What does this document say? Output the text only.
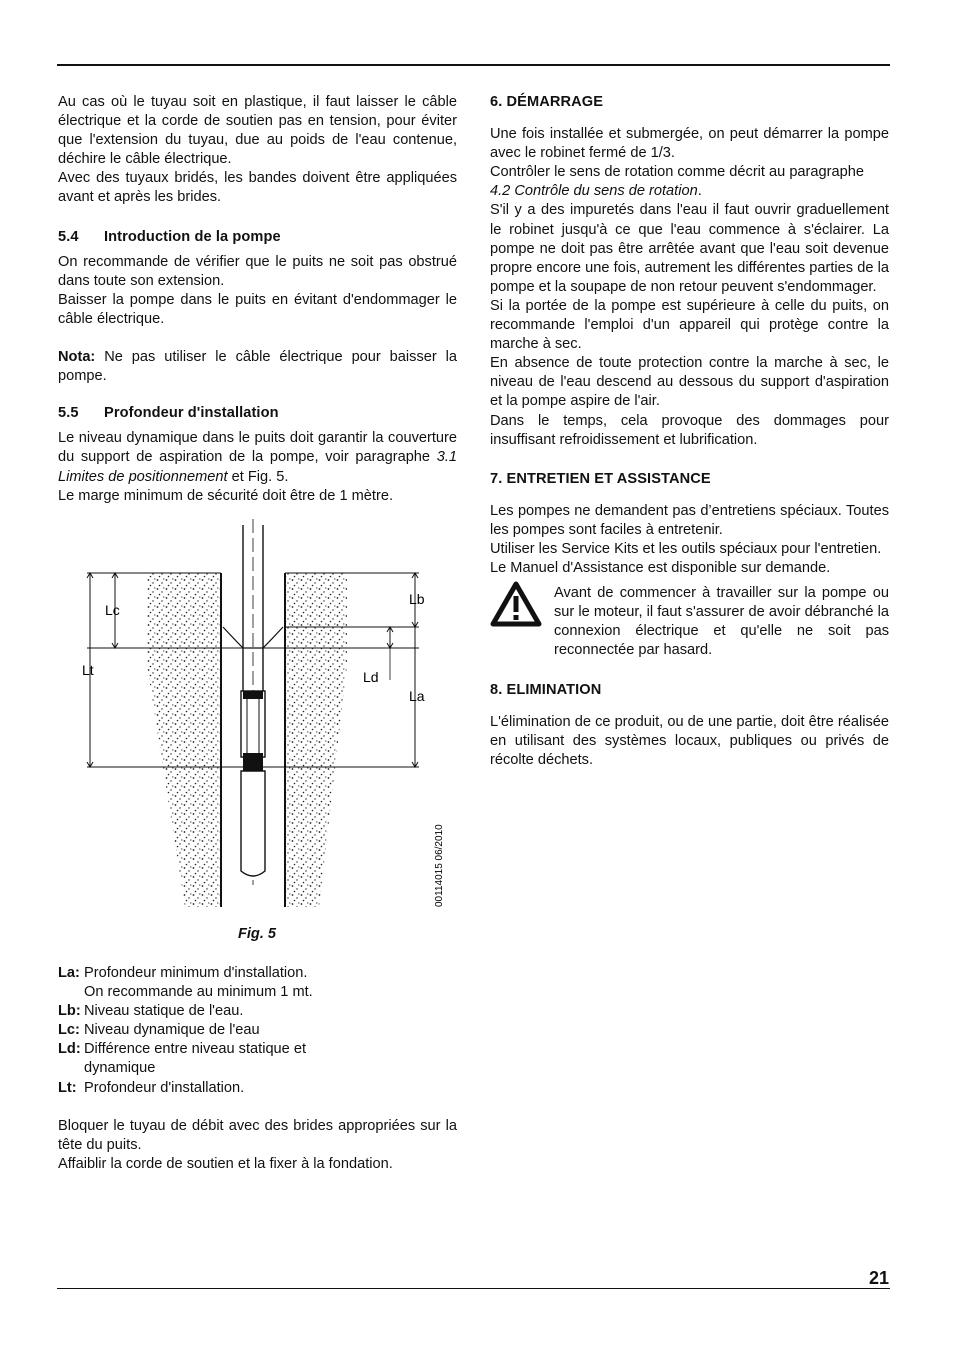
Au cas où le tuyau soit en plastique, il faut laisser le câble électrique et la corde de soutien pas en tension, pour éviter que l'extension du tuyau, due au poids de l'eau contenue, déchire le câble électrique.

Avec des tuyaux bridés, les bandes doivent être appliquées avant et après les brides.

5.4 Introduction de la pompe

On recommande de vérifier que le puits ne soit pas obstrué dans toute son extension.

Baisser la pompe dans le puits en évitant d'endommager le câble électrique.

Nota: Ne pas utiliser le câble électrique pour baisser la pompe.

5.5 Profondeur d'installation

Le niveau dynamique dans le puits doit garantir la couverture du support de aspiration de la pompe, voir paragraphe 3.1 Limites de positionnement et Fig. 5.

Le marge minimum de sécurité doit être de 1 mètre.

Lc
Lt
Lb
Ld
La
00114015 06/2010
Fig. 5
La: Profondeur minimum d'installation.
On recommande au minimum 1 mt.
Lb: Niveau statique de l'eau.
Lc: Niveau dynamique de l'eau
Ld: Différence entre niveau statique et
dynamique
Lt: Profondeur d'installation.

Bloquer le tuyau de débit avec des brides appropriées sur la tête du puits.

Affaiblir la corde de soutien et la fixer à la fondation.

6. DÉMARRAGE

Une fois installée et submergée, on peut démarrer la pompe avec le robinet fermé de 1/3.

Contrôler le sens de rotation comme décrit au paragraphe
4.2 Contrôle du sens de rotation.

S'il y a des impuretés dans l'eau il faut ouvrir graduellement le robinet jusqu'à ce que l'eau commence à s'éclairer. La pompe ne doit pas être arrêtée avant que l'eau soit devenue propre encore une fois, autrement les différentes parties de la pompe et la soupape de non retour peuvent s'endommager.

Si la portée de la pompe est supérieure à celle du puits, on recommande l'emploi d'un appareil qui protège contre la marche à sec.

En absence de toute protection contre la marche à sec, le niveau de l'eau descend au dessous du support d'aspiration et la pompe aspire de l'air.

Dans le temps, cela provoque des dommages pour insuffisant refroidissement et lubrification.

7. ENTRETIEN ET ASSISTANCE

Les pompes ne demandent pas d’entretiens spéciaux. Toutes les pompes sont faciles à entretenir.

Utiliser les Service Kits et les outils spéciaux pour l'entretien.

Le Manuel d'Assistance est disponible sur demande.

Avant de commencer à travailler sur la pompe ou sur le moteur, il faut s'assurer de avoir débranché la connexion électrique et qu'elle ne soit pas reconnectée par hasard.

8. ELIMINATION

L'élimination de ce produit, ou de une partie, doit être réalisée en utilisant des systèmes locaux, publiques ou privés de récolte déchets.

21
